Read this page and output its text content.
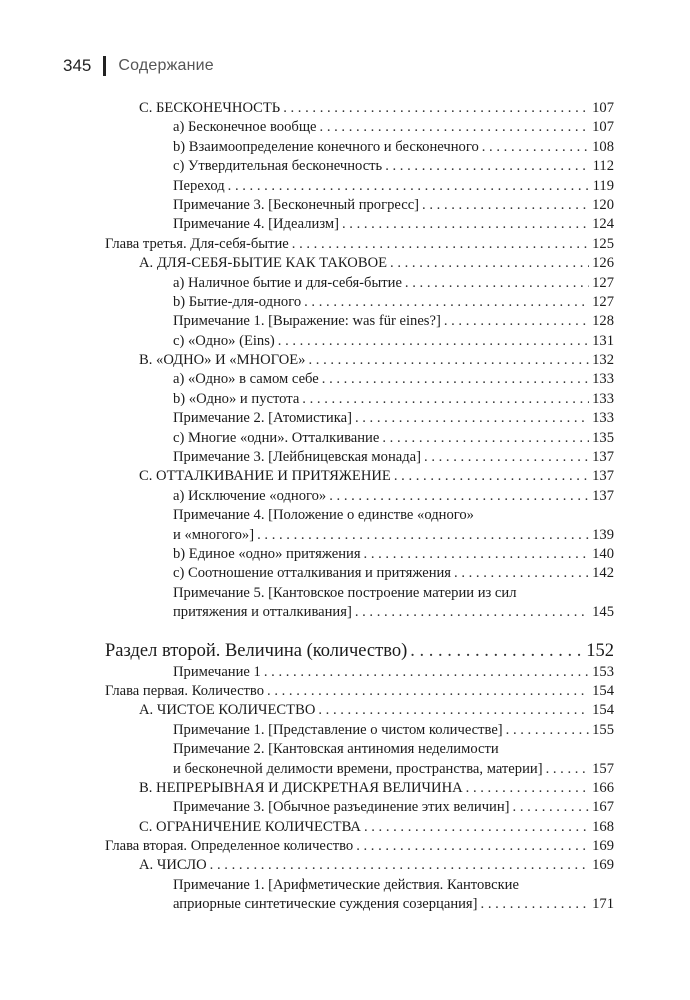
345 Содержание
С. БЕСКОНЕЧНОСТЬ . . .	107
a) Бесконечное вообще . . .	107
b) Взаимоопределение конечного и бесконечного . . .	108
c) Утвердительная бесконечность . . .	112
Переход . . .	119
Примечание 3. [Бесконечный прогресс] . . .	120
Примечание 4. [Идеализм] . . .	124
Глава третья. Для-себя-бытие . . .	125
А. ДЛЯ-СЕБЯ-БЫТИЕ КАК ТАКОВОЕ . . .	126
а) Наличное бытие и для-себя-бытие . . .	127
b) Бытие-для-одного . . .	127
Примечание 1. [Выражение: was für eines?] . . .	128
с) «Одно» (Eins) . . .	131
В. «ОДНО» И «МНОГОЕ» . . .	132
а) «Одно» в самом себе . . .	133
b) «Одно» и пустота . . .	133
Примечание 2. [Атомистика] . . .	133
с) Многие «одни». Отталкивание . . .	135
Примечание 3. [Лейбницевская монада] . . .	137
С. ОТТАЛКИВАНИЕ И ПРИТЯЖЕНИЕ . . .	137
а) Исключение «одного» . . .	137
Примечание 4. [Положение о единстве «одного»
и «многого»] . . .	139
b) Единое «одно» притяжения . . .	140
с) Соотношение отталкивания и притяжения . . .	142
Примечание 5. [Кантовское построение материи из сил
притяжения и отталкивания] . . .	145
Раздел второй. Величина (количество) . . .	152
Примечание 1 . . .	153
Глава первая. Количество . . .	154
А. ЧИСТОЕ КОЛИЧЕСТВО . . .	154
Примечание 1. [Представление о чистом количестве] . . .	155
Примечание 2. [Кантовская антиномия неделимости
и бесконечной делимости времени, пространства, материи] . . .	157
В. НЕПРЕРЫВНАЯ И ДИСКРЕТНАЯ ВЕЛИЧИНА . . .	166
Примечание 3. [Обычное разъединение этих величин] . . .	167
С. ОГРАНИЧЕНИЕ КОЛИЧЕСТВА . . .	168
Глава вторая. Определенное количество . . .	169
А. ЧИСЛО . . .	169
Примечание 1. [Арифметические действия. Кантовские
априорные синтетические суждения созерцания] . . .	171
